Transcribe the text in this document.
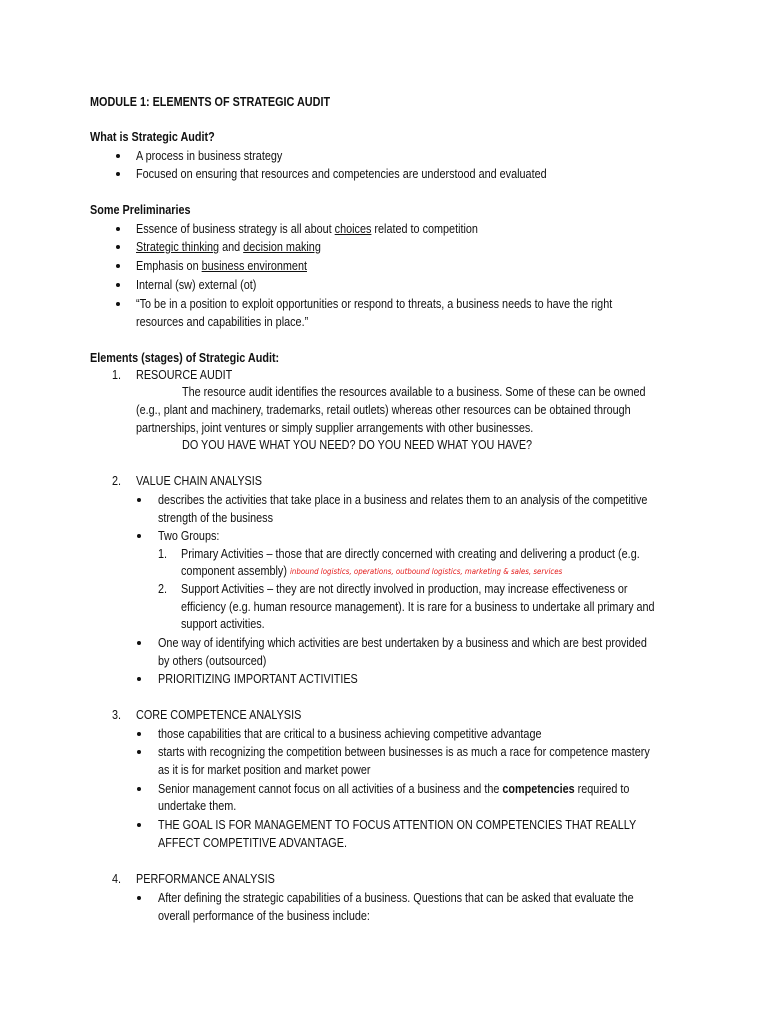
MODULE 1: ELEMENTS OF STRATEGIC AUDIT
What is Strategic Audit?
A process in business strategy
Focused on ensuring that resources and competencies are understood and evaluated
Some Preliminaries
Essence of business strategy is all about choices related to competition
Strategic thinking and decision making
Emphasis on business environment
Internal (sw) external (ot)
“To be in a position to exploit opportunities or respond to threats, a business needs to have the right
resources and capabilities in place.”
Elements (stages) of Strategic Audit:
1. RESOURCE AUDIT
The resource audit identifies the resources available to a business. Some of these can be owned
(e.g., plant and machinery, trademarks, retail outlets) whereas other resources can be obtained through
partnerships, joint ventures or simply supplier arrangements with other businesses.
DO YOU HAVE WHAT YOU NEED? DO YOU NEED WHAT YOU HAVE?
2. VALUE CHAIN ANALYSIS
describes the activities that take place in a business and relates them to an analysis of the competitive
strength of the business
Two Groups:
1. Primary Activities – those that are directly concerned with creating and delivering a product (e.g.
component assembly) inbound logistics, operations, outbound logistics, marketing & sales, services
2. Support Activities – they are not directly involved in production, may increase effectiveness or
efficiency (e.g. human resource management). It is rare for a business to undertake all primary and
support activities.
One way of identifying which activities are best undertaken by a business and which are best provided
by others (outsourced)
PRIORITIZING IMPORTANT ACTIVITIES
3. CORE COMPETENCE ANALYSIS
those capabilities that are critical to a business achieving competitive advantage
starts with recognizing the competition between businesses is as much a race for competence mastery
as it is for market position and market power
Senior management cannot focus on all activities of a business and the competencies required to
undertake them.
THE GOAL IS FOR MANAGEMENT TO FOCUS ATTENTION ON COMPETENCIES THAT REALLY
AFFECT COMPETITIVE ADVANTAGE.
4. PERFORMANCE ANALYSIS
After defining the strategic capabilities of a business. Questions that can be asked that evaluate the
overall performance of the business include:
